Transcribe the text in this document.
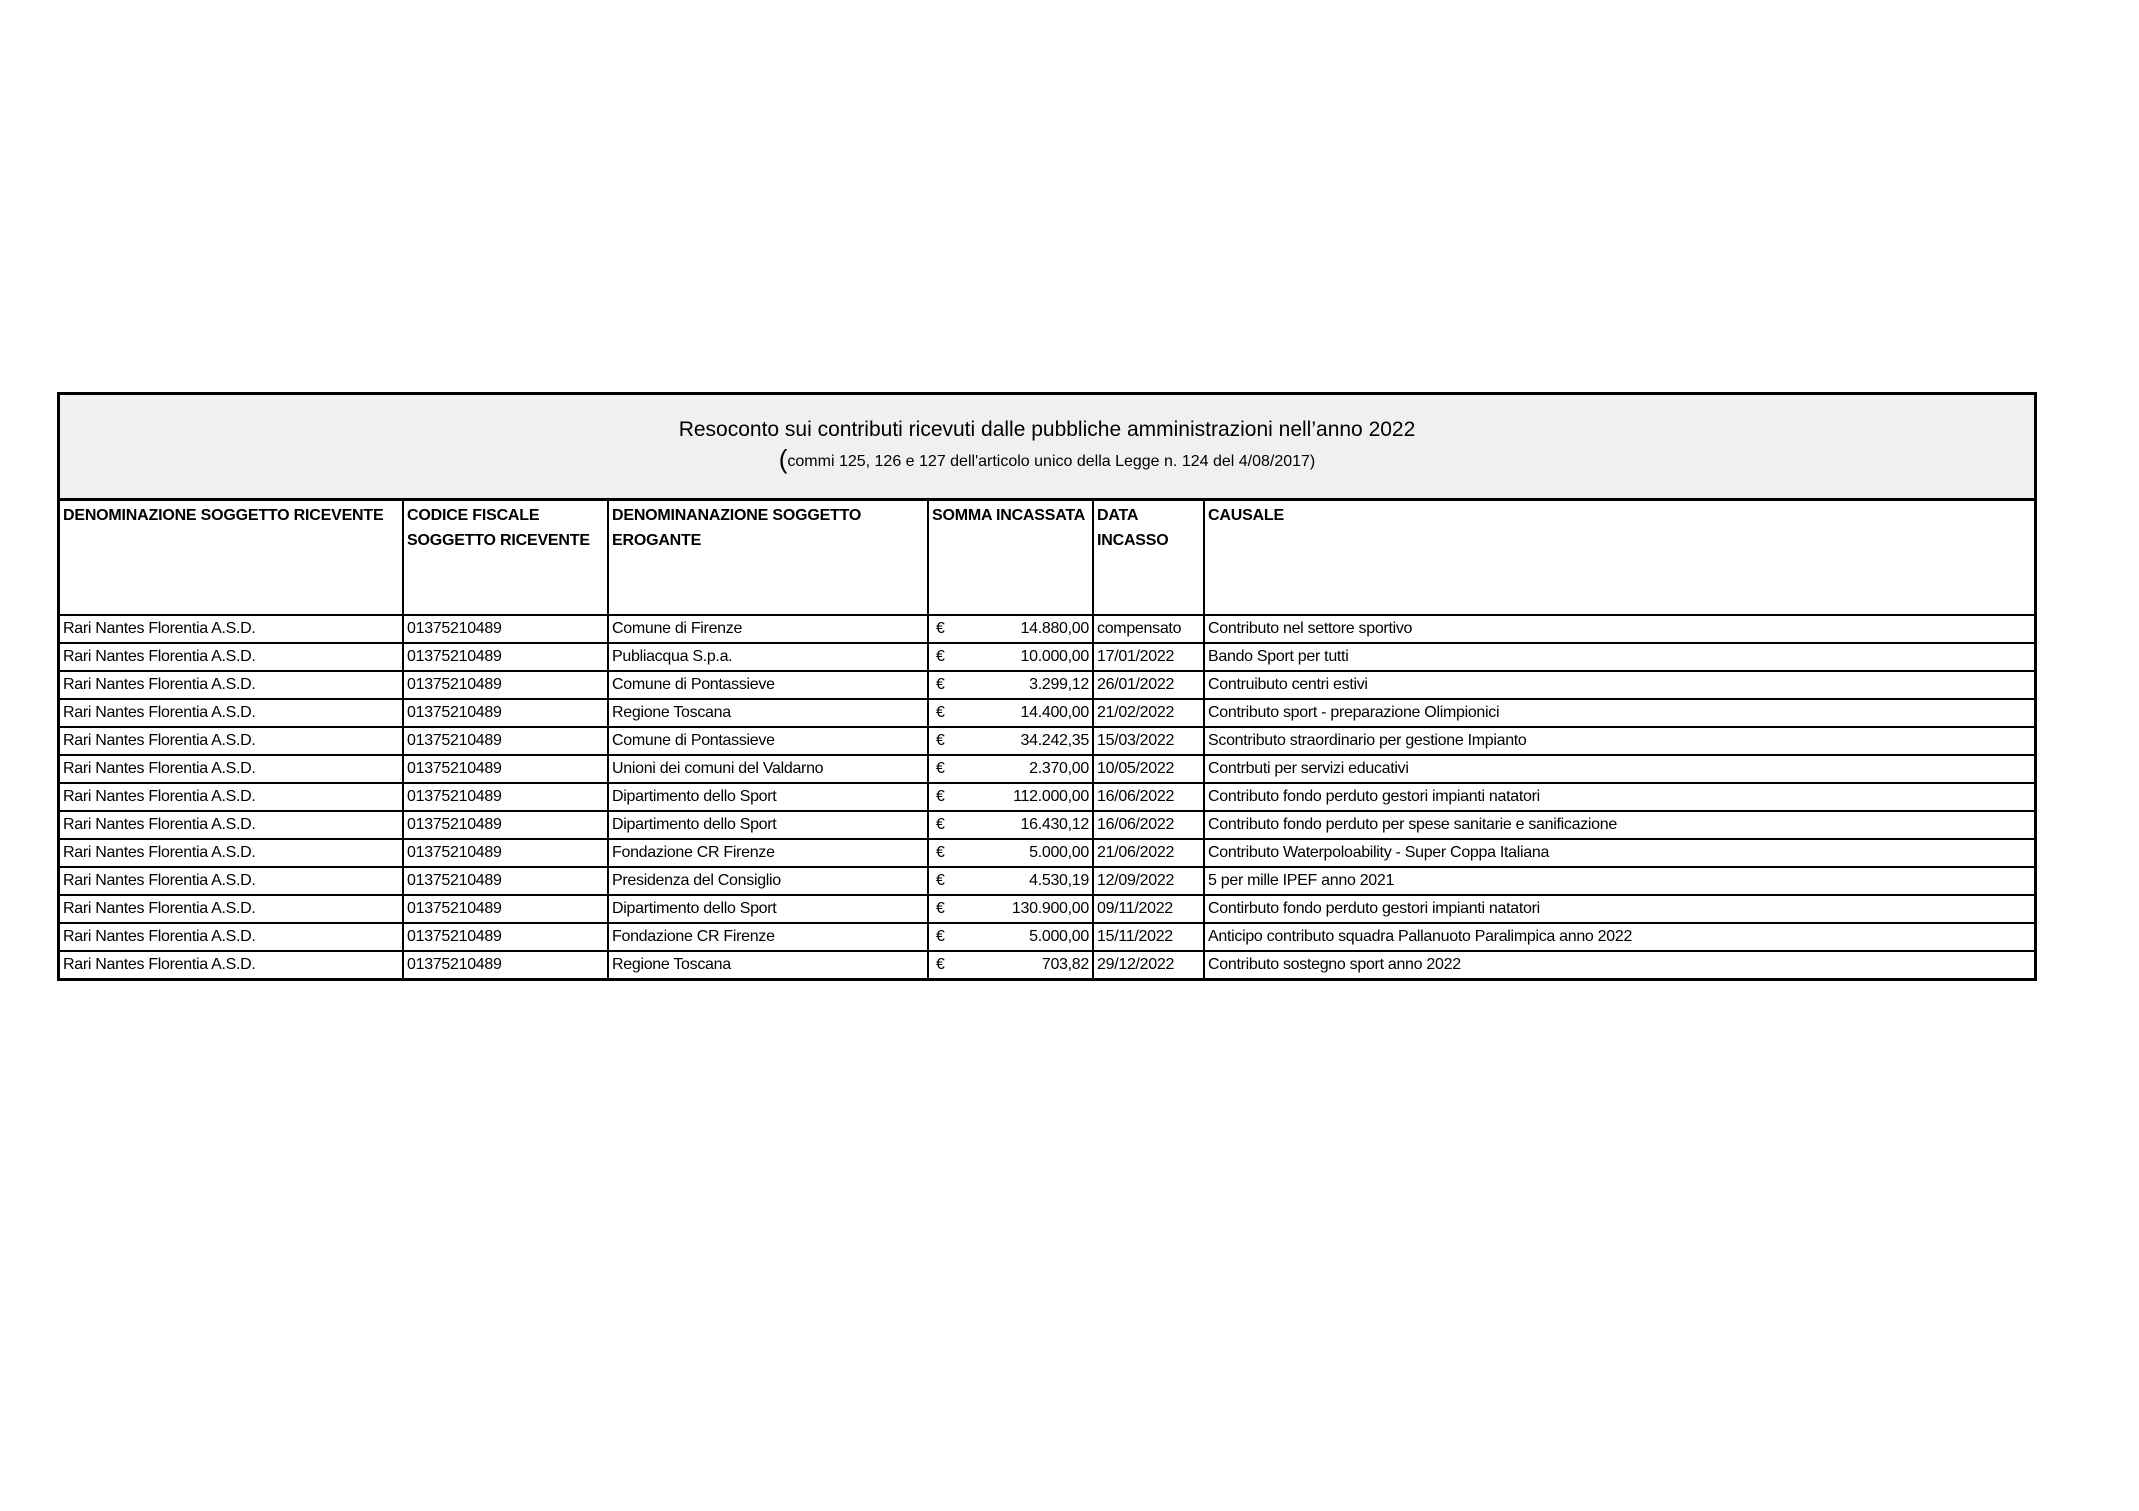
Resoconto sui contributi ricevuti dalle pubbliche amministrazioni nell’anno 2022
(commi 125, 126 e 127 dell'articolo unico della Legge n. 124 del 4/08/2017)
DENOMINAZIONE SOGGETTO RICEVENTE	CODICE FISCALE SOGGETTO RICEVENTE	DENOMINANAZIONE SOGGETTO EROGANTE	SOMMA INCASSATA	DATA INCASSO	CAUSALE
Rari Nantes Florentia A.S.D.	01375210489	Comune di Firenze	€ 14.880,00	compensato	Contributo nel settore sportivo
Rari Nantes Florentia A.S.D.	01375210489	Publiacqua S.p.a.	€ 10.000,00	17/01/2022	Bando Sport per tutti
Rari Nantes Florentia A.S.D.	01375210489	Comune di Pontassieve	€ 3.299,12	26/01/2022	Contruibuto centri estivi
Rari Nantes Florentia A.S.D.	01375210489	Regione Toscana	€ 14.400,00	21/02/2022	Contributo sport - preparazione Olimpionici
Rari Nantes Florentia A.S.D.	01375210489	Comune di Pontassieve	€ 34.242,35	15/03/2022	Scontributo straordinario per gestione Impianto
Rari Nantes Florentia A.S.D.	01375210489	Unioni dei comuni del Valdarno	€ 2.370,00	10/05/2022	Contrbuti per servizi educativi
Rari Nantes Florentia A.S.D.	01375210489	Dipartimento dello Sport	€ 112.000,00	16/06/2022	Contributo fondo perduto gestori impianti natatori
Rari Nantes Florentia A.S.D.	01375210489	Dipartimento dello Sport	€ 16.430,12	16/06/2022	Contributo fondo perduto per spese sanitarie e sanificazione
Rari Nantes Florentia A.S.D.	01375210489	Fondazione CR Firenze	€ 5.000,00	21/06/2022	Contributo Waterpoloability - Super Coppa Italiana
Rari Nantes Florentia A.S.D.	01375210489	Presidenza del Consiglio	€ 4.530,19	12/09/2022	5 per mille IPEF anno 2021
Rari Nantes Florentia A.S.D.	01375210489	Dipartimento dello Sport	€ 130.900,00	09/11/2022	Contirbuto fondo perduto gestori impianti natatori
Rari Nantes Florentia A.S.D.	01375210489	Fondazione CR Firenze	€ 5.000,00	15/11/2022	Anticipo contributo squadra Pallanuoto Paralimpica anno 2022
Rari Nantes Florentia A.S.D.	01375210489	Regione Toscana	€ 703,82	29/12/2022	Contributo sostegno sport anno 2022
